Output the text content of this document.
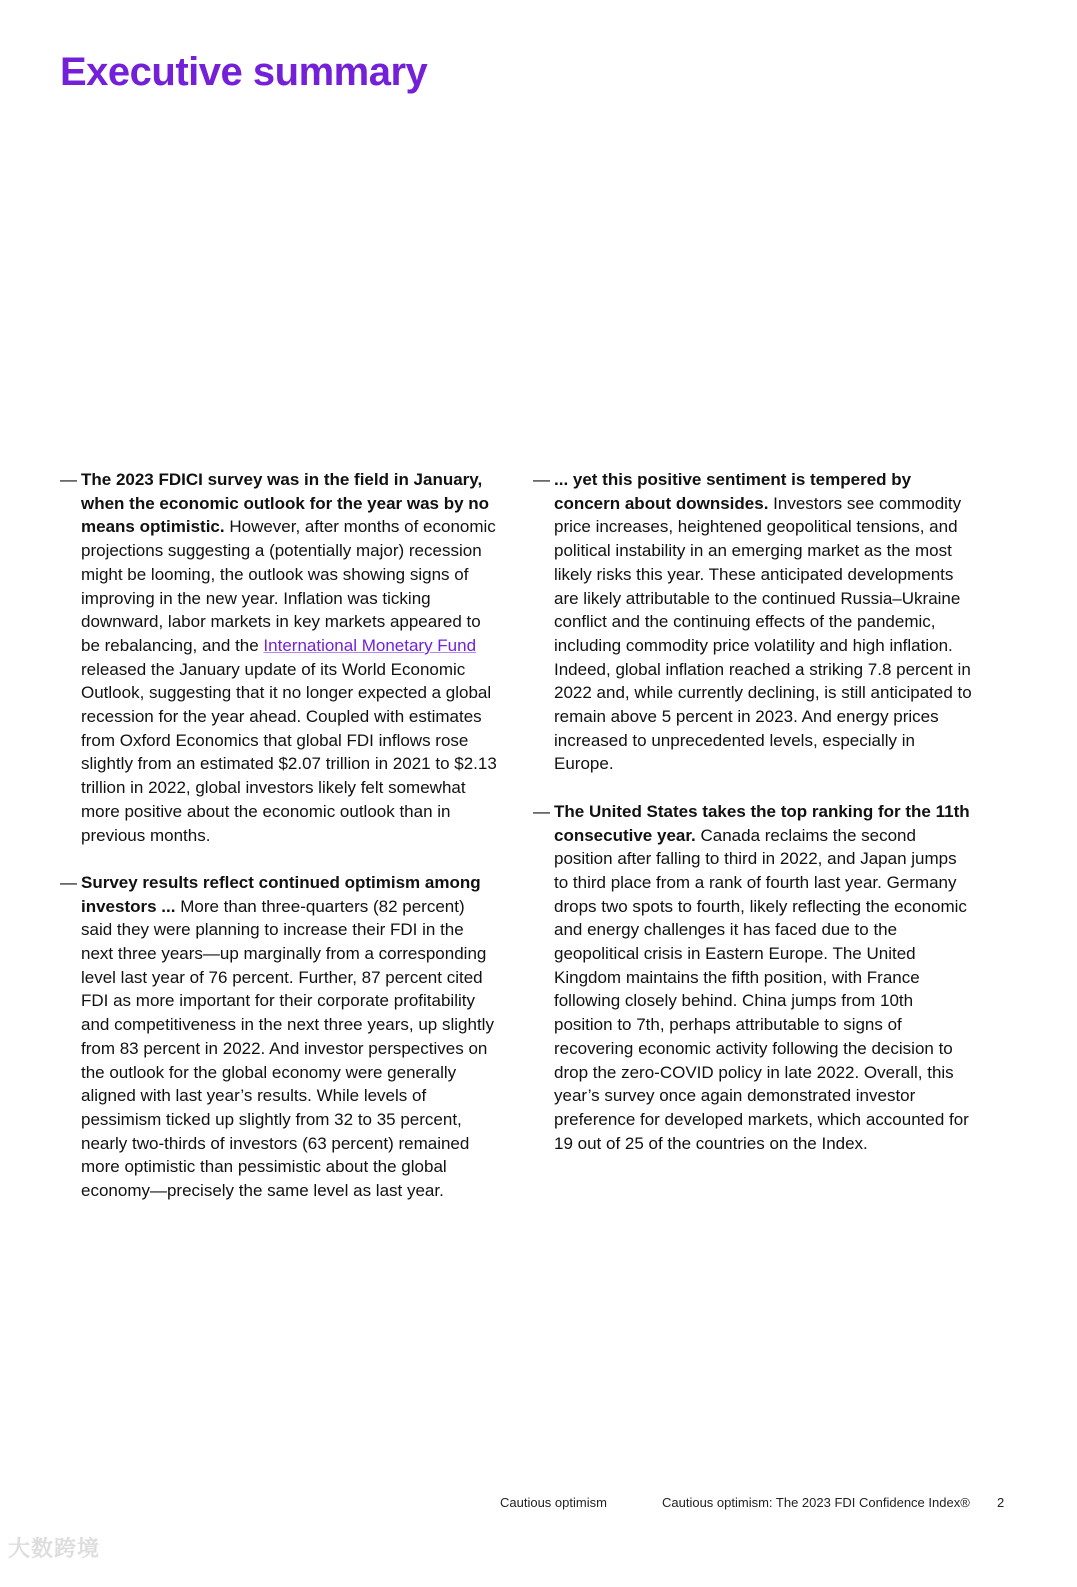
Executive summary
— The 2023 FDICI survey was in the field in January, when the economic outlook for the year was by no means optimistic. However, after months of economic projections suggesting a (potentially major) recession might be looming, the outlook was showing signs of improving in the new year. Inflation was ticking downward, labor markets in key markets appeared to be rebalancing, and the International Monetary Fund released the January update of its World Economic Outlook, suggesting that it no longer expected a global recession for the year ahead. Coupled with estimates from Oxford Economics that global FDI inflows rose slightly from an estimated $2.07 trillion in 2021 to $2.13 trillion in 2022, global investors likely felt somewhat more positive about the economic outlook than in previous months.
— Survey results reflect continued optimism among investors ... More than three-quarters (82 percent) said they were planning to increase their FDI in the next three years—up marginally from a corresponding level last year of 76 percent. Further, 87 percent cited FDI as more important for their corporate profitability and competitiveness in the next three years, up slightly from 83 percent in 2022. And investor perspectives on the outlook for the global economy were generally aligned with last year’s results. While levels of pessimism ticked up slightly from 32 to 35 percent, nearly two-thirds of investors (63 percent) remained more optimistic than pessimistic about the global economy—precisely the same level as last year.
— ... yet this positive sentiment is tempered by concern about downsides. Investors see commodity price increases, heightened geopolitical tensions, and political instability in an emerging market as the most likely risks this year. These anticipated developments are likely attributable to the continued Russia–Ukraine conflict and the continuing effects of the pandemic, including commodity price volatility and high inflation. Indeed, global inflation reached a striking 7.8 percent in 2022 and, while currently declining, is still anticipated to remain above 5 percent in 2023. And energy prices increased to unprecedented levels, especially in Europe.
— The United States takes the top ranking for the 11th consecutive year. Canada reclaims the second position after falling to third in 2022, and Japan jumps to third place from a rank of fourth last year. Germany drops two spots to fourth, likely reflecting the economic and energy challenges it has faced due to the geopolitical crisis in Eastern Europe. The United Kingdom maintains the fifth position, with France following closely behind. China jumps from 10th position to 7th, perhaps attributable to signs of recovering economic activity following the decision to drop the zero-COVID policy in late 2022. Overall, this year’s survey once again demonstrated investor preference for developed markets, which accounted for 19 out of 25 of the countries on the Index.
Cautious optimism	Cautious optimism: The 2023 FDI Confidence Index® 2
大数跨境
